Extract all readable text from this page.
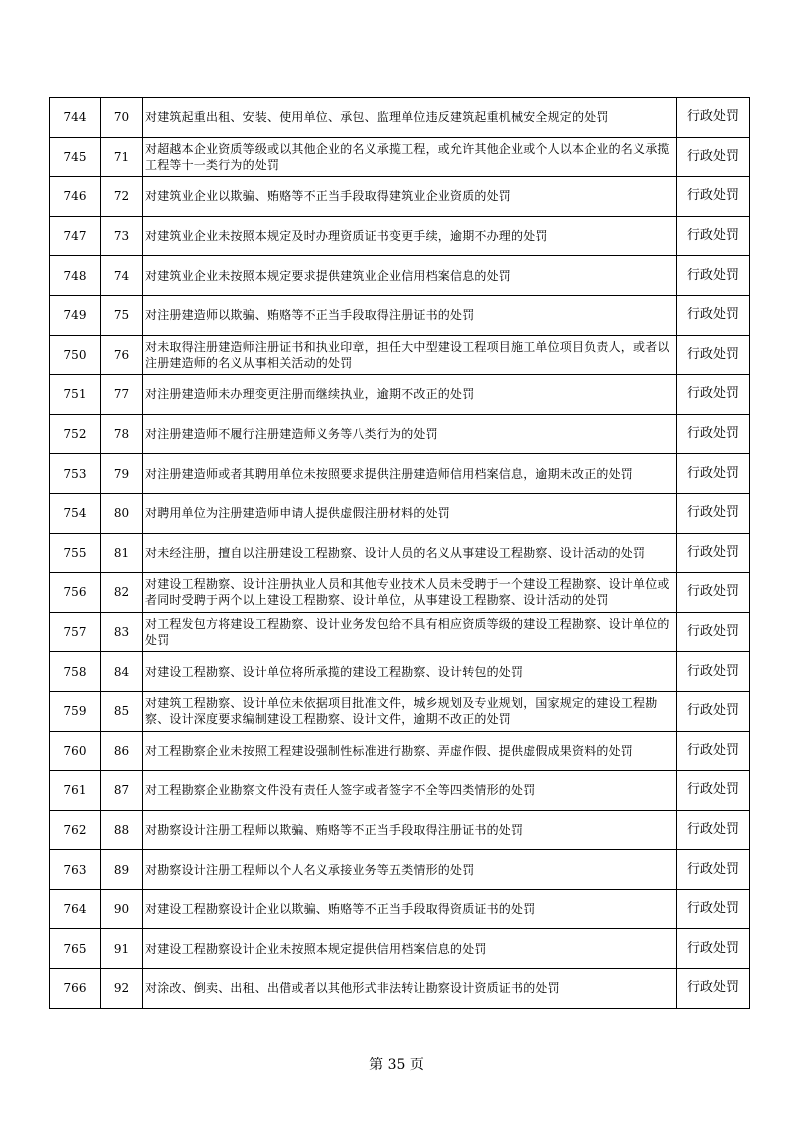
744	70	对建筑起重出租、安装、使用单位、承包、监理单位违反建筑起重机械安全规定的处罚	行政处罚
745	71	对超越本企业资质等级或以其他企业的名义承揽工程，或允许其他企业或个人以本企业的名义承揽工程等十一类行为的处罚	行政处罚
746	72	对建筑业企业以欺骗、贿赂等不正当手段取得建筑业企业资质的处罚	行政处罚
747	73	对建筑业企业未按照本规定及时办理资质证书变更手续，逾期不办理的处罚	行政处罚
748	74	对建筑业企业未按照本规定要求提供建筑业企业信用档案信息的处罚	行政处罚
749	75	对注册建造师以欺骗、贿赂等不正当手段取得注册证书的处罚	行政处罚
750	76	对未取得注册建造师注册证书和执业印章，担任大中型建设工程项目施工单位项目负责人，或者以注册建造师的名义从事相关活动的处罚	行政处罚
751	77	对注册建造师未办理变更注册而继续执业，逾期不改正的处罚	行政处罚
752	78	对注册建造师不履行注册建造师义务等八类行为的处罚	行政处罚
753	79	对注册建造师或者其聘用单位未按照要求提供注册建造师信用档案信息，逾期未改正的处罚	行政处罚
754	80	对聘用单位为注册建造师申请人提供虚假注册材料的处罚	行政处罚
755	81	对未经注册，擅自以注册建设工程勘察、设计人员的名义从事建设工程勘察、设计活动的处罚	行政处罚
756	82	对建设工程勘察、设计注册执业人员和其他专业技术人员未受聘于一个建设工程勘察、设计单位或者同时受聘于两个以上建设工程勘察、设计单位，从事建设工程勘察、设计活动的处罚	行政处罚
757	83	对工程发包方将建设工程勘察、设计业务发包给不具有相应资质等级的建设工程勘察、设计单位的处罚	行政处罚
758	84	对建设工程勘察、设计单位将所承揽的建设工程勘察、设计转包的处罚	行政处罚
759	85	对建筑工程勘察、设计单位未依据项目批准文件，城乡规划及专业规划，国家规定的建设工程勘察、设计深度要求编制建设工程勘察、设计文件，逾期不改正的处罚	行政处罚
760	86	对工程勘察企业未按照工程建设强制性标准进行勘察、弄虚作假、提供虚假成果资料的处罚	行政处罚
761	87	对工程勘察企业勘察文件没有责任人签字或者签字不全等四类情形的处罚	行政处罚
762	88	对勘察设计注册工程师以欺骗、贿赂等不正当手段取得注册证书的处罚	行政处罚
763	89	对勘察设计注册工程师以个人名义承接业务等五类情形的处罚	行政处罚
764	90	对建设工程勘察设计企业以欺骗、贿赂等不正当手段取得资质证书的处罚	行政处罚
765	91	对建设工程勘察设计企业未按照本规定提供信用档案信息的处罚	行政处罚
766	92	对涂改、倒卖、出租、出借或者以其他形式非法转让勘察设计资质证书的处罚	行政处罚
第 35 页
